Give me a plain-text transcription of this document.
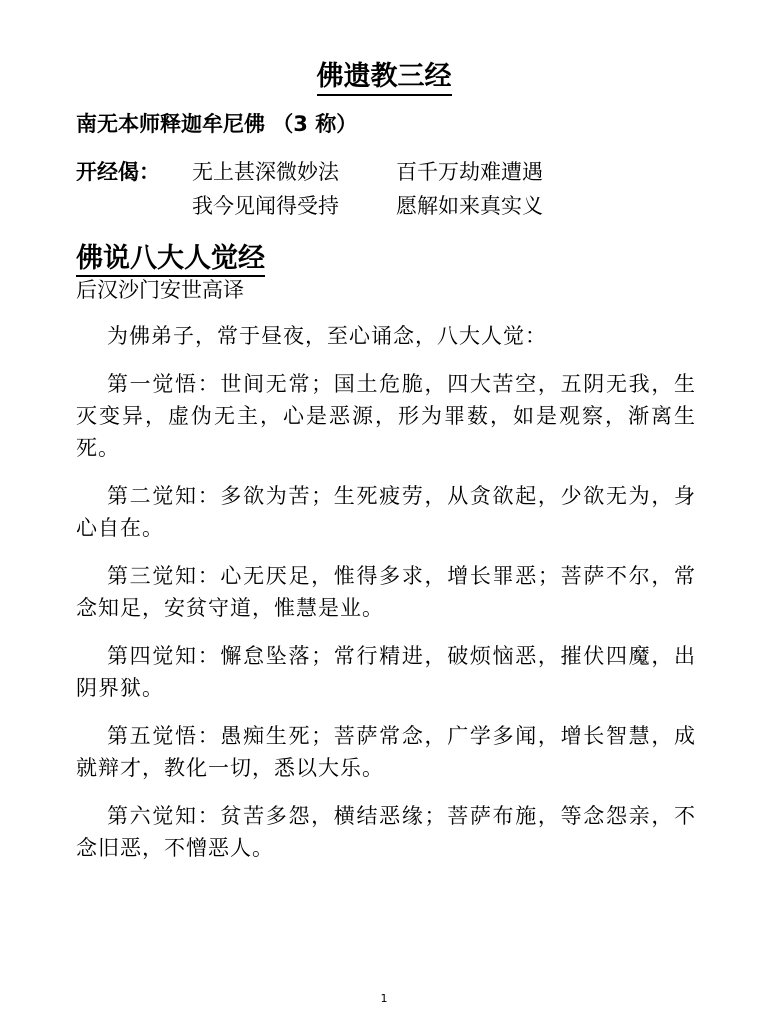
佛遗教三经
南无本师释迦牟尼佛 （3 称）
开经偈： 无上甚深微妙法	百千万劫难遭遇
我今见闻得受持	愿解如来真实义
佛说八大人觉经
后汉沙门安世高译

为佛弟子，常于昼夜，至心诵念，八大人觉：

第一觉悟：世间无常；国土危脆，四大苦空，五阴无我，生灭变异，虚伪无主，心是恶源，形为罪薮，如是观察，渐离生死。

第二觉知：多欲为苦；生死疲劳，从贪欲起，少欲无为，身心自在。

第三觉知：心无厌足，惟得多求，增长罪恶；菩萨不尔，常念知足，安贫守道，惟慧是业。

第四觉知：懈怠坠落；常行精进，破烦恼恶，摧伏四魔，出阴界狱。

第五觉悟：愚痴生死；菩萨常念，广学多闻，增长智慧，成就辩才，教化一切，悉以大乐。

第六觉知：贫苦多怨，横结恶缘；菩萨布施，等念怨亲，不念旧恶，不憎恶人。

1
